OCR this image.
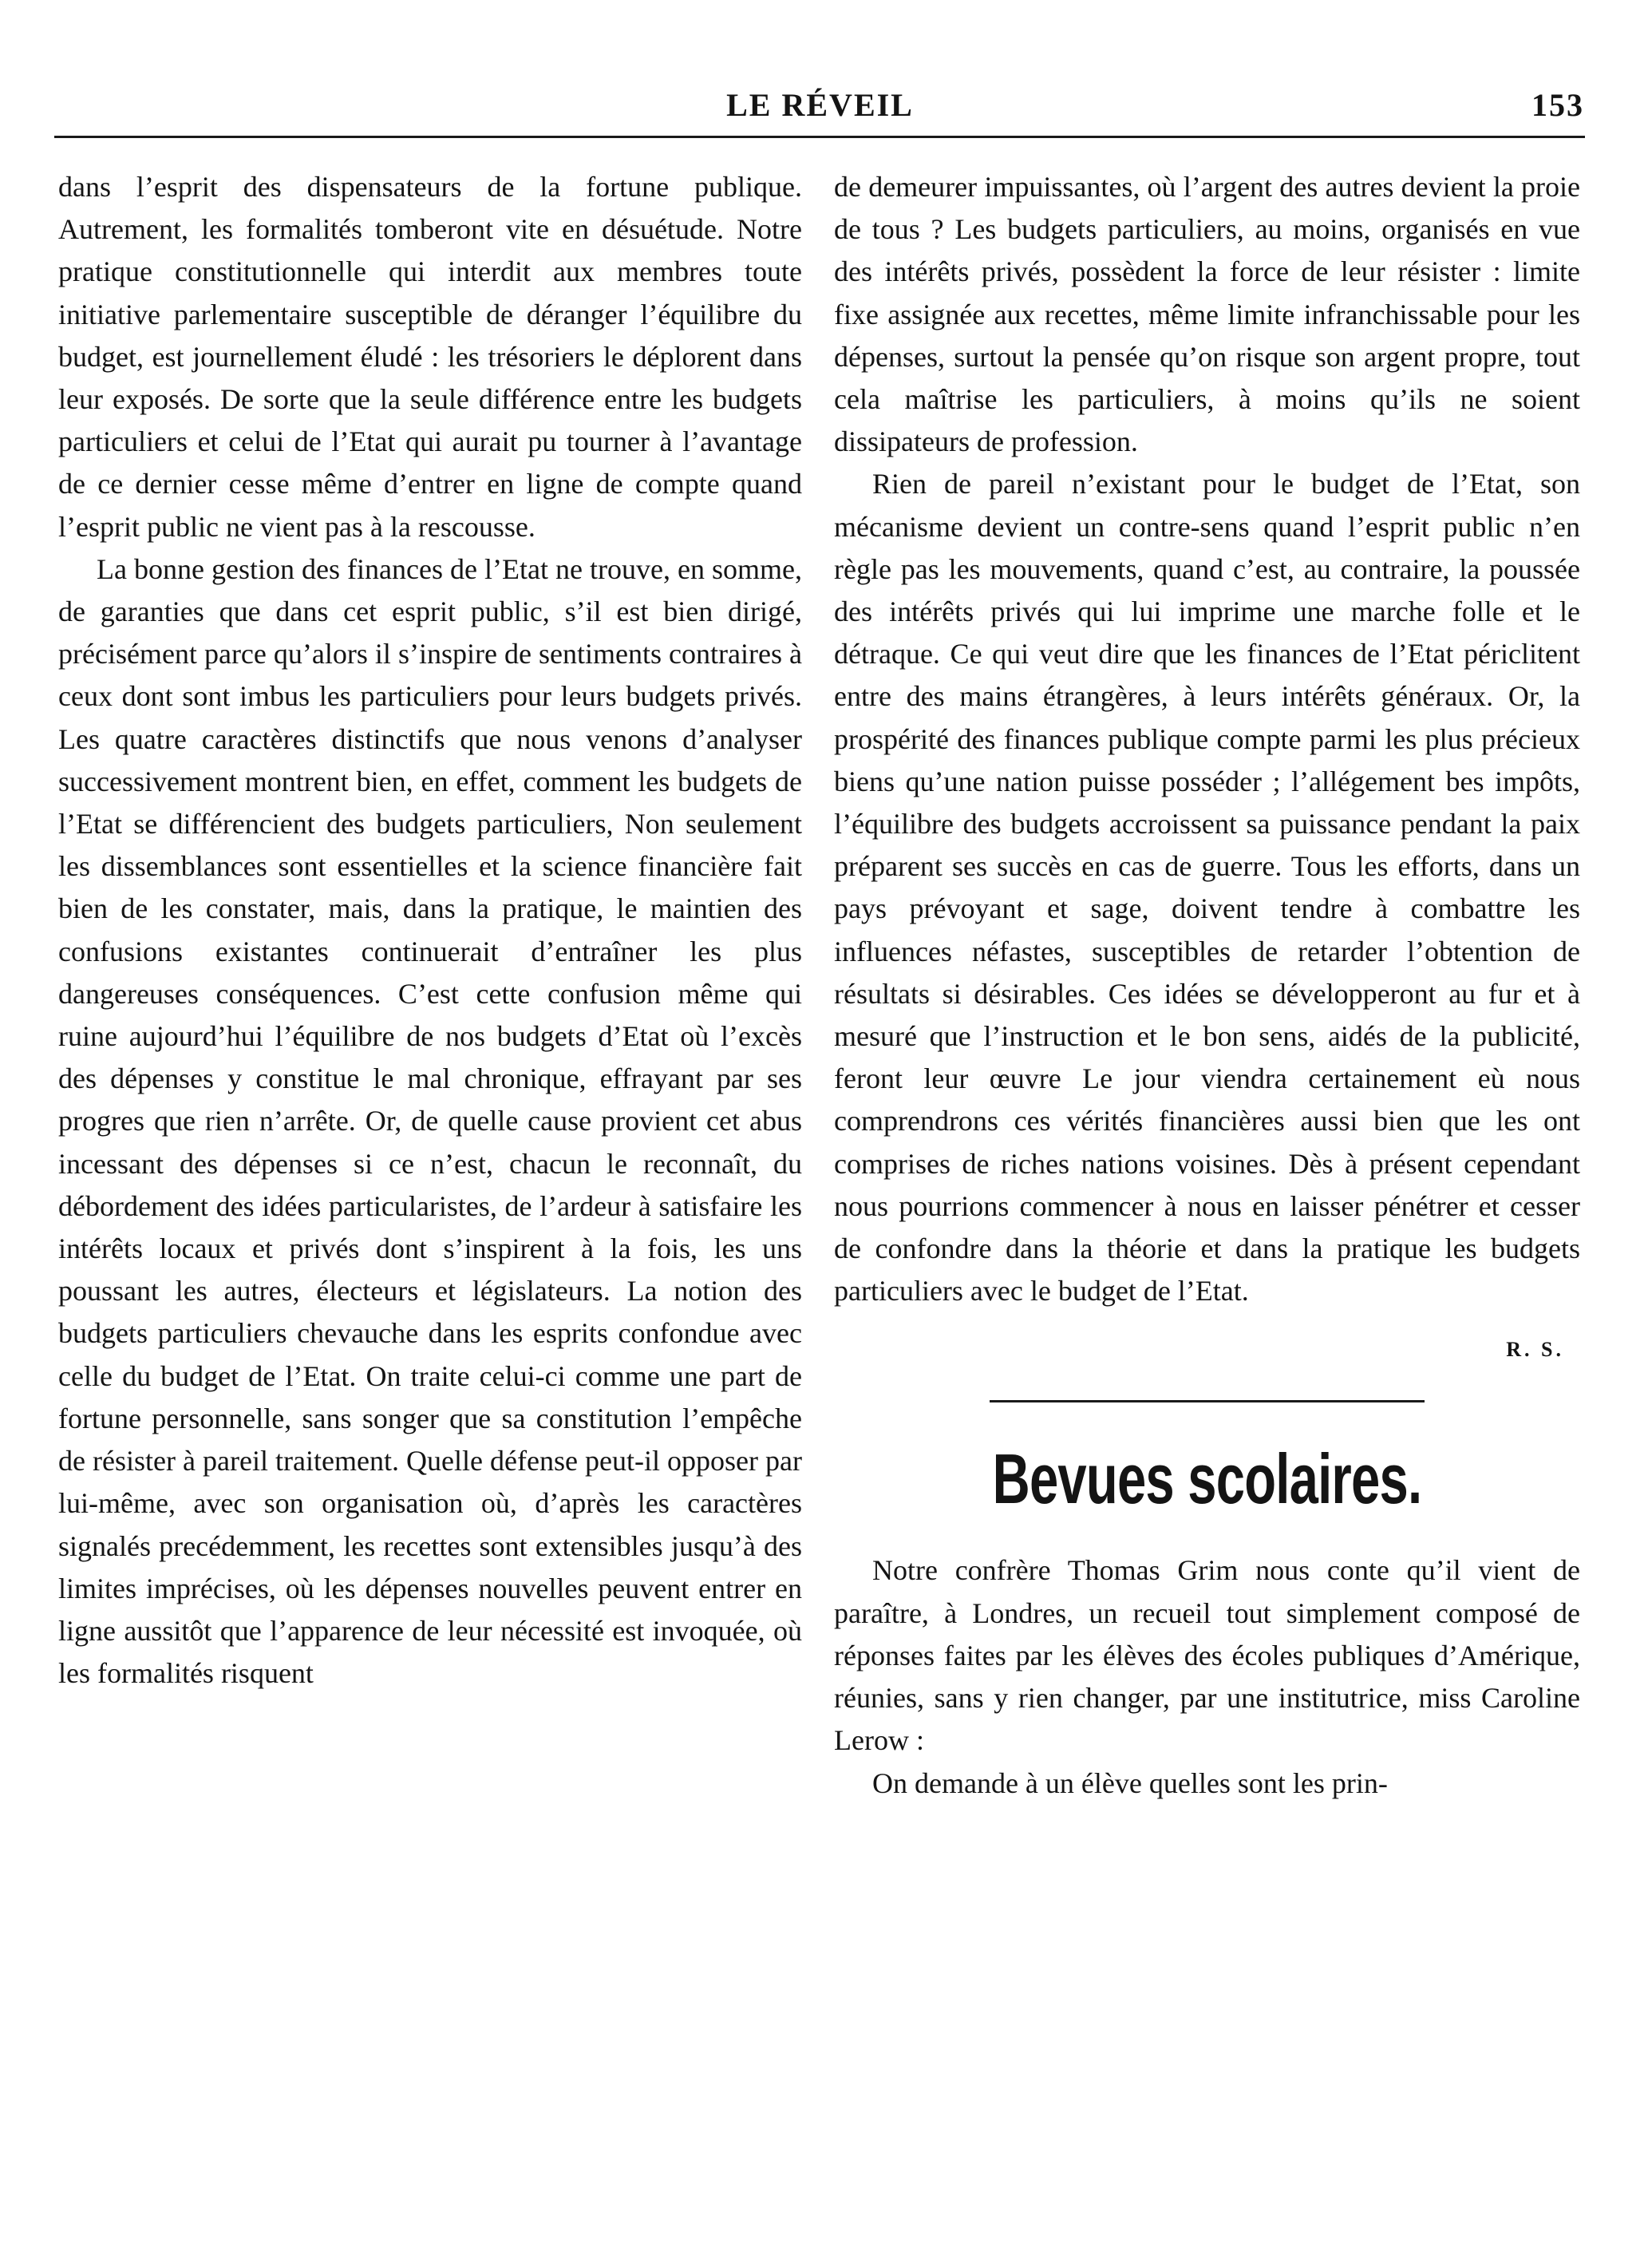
LE RÉVEIL	153

dans l’esprit des dispensateurs de la fortune publique. Autrement, les formalités tomberont vite en désuétude. Notre pratique constitutionnelle qui interdit aux membres toute initiative parlementaire susceptible de déranger l’équilibre du budget, est journellement éludé : les trésoriers le déplorent dans leur exposés. De sorte que la seule différence entre les budgets particuliers et celui de l’Etat qui aurait pu tourner à l’avantage de ce dernier cesse même d’entrer en ligne de compte quand l’esprit public ne vient pas à la rescousse.

La bonne gestion des finances de l’Etat ne trouve, en somme, de garanties que dans cet esprit public, s’il est bien dirigé, précisément parce qu’alors il s’inspire de sentiments contraires à ceux dont sont imbus les particuliers pour leurs budgets privés. Les quatre caractères distinctifs que nous venons d’analyser successivement montrent bien, en effet, comment les budgets de l’Etat se différencient des budgets particuliers, Non seulement les dissemblances sont essentielles et la science financière fait bien de les constater, mais, dans la pratique, le maintien des confusions existantes continuerait d’entraîner les plus dangereuses conséquences. C’est cette confusion même qui ruine aujourd’hui l’équilibre de nos budgets d’Etat où l’excès des dépenses y constitue le mal chronique, effrayant par ses progres que rien n’arrête. Or, de quelle cause provient cet abus incessant des dépenses si ce n’est, chacun le reconnaît, du débordement des idées particularistes, de l’ardeur à satisfaire les intérêts locaux et privés dont s’inspirent à la fois, les uns poussant les autres, électeurs et législateurs. La notion des budgets particuliers chevauche dans les esprits confondue avec celle du budget de l’Etat. On traite celui-ci comme une part de fortune personnelle, sans songer que sa constitution l’empêche de résister à pareil traitement. Quelle défense peut-il opposer par lui-même, avec son organisation où, d’après les caractères signalés precédemment, les recettes sont extensibles jusqu’à des limites imprécises, où les dépenses nouvelles peuvent entrer en ligne aussitôt que l’apparence de leur nécessité est invoquée, où les formalités risquent

de demeurer impuissantes, où l’argent des autres devient la proie de tous ? Les budgets particuliers, au moins, organisés en vue des intérêts privés, possèdent la force de leur résister : limite fixe assignée aux recettes, même limite infranchissable pour les dépenses, surtout la pensée qu’on risque son argent propre, tout cela maîtrise les particuliers, à moins qu’ils ne soient dissipateurs de profession.

Rien de pareil n’existant pour le budget de l’Etat, son mécanisme devient un contre-sens quand l’esprit public n’en règle pas les mouvements, quand c’est, au contraire, la poussée des intérêts privés qui lui imprime une marche folle et le détraque. Ce qui veut dire que les finances de l’Etat périclitent entre des mains étrangères, à leurs intérêts généraux. Or, la prospérité des finances publique compte parmi les plus précieux biens qu’une nation puisse posséder ; l’allégement bes impôts, l’équilibre des budgets accroissent sa puissance pendant la paix préparent ses succès en cas de guerre. Tous les efforts, dans un pays prévoyant et sage, doivent tendre à combattre les influences néfastes, susceptibles de retarder l’obtention de résultats si désirables. Ces idées se développeront au fur et à mesuré que l’instruction et le bon sens, aidés de la publicité, feront leur œuvre Le jour viendra certainement eù nous comprendrons ces vérités financières aussi bien que les ont comprises de riches nations voisines. Dès à présent cependant nous pourrions commencer à nous en laisser pénétrer et cesser de confondre dans la théorie et dans la pratique les budgets particuliers avec le budget de l’Etat.

R. S.
Bevues scolaires.

Notre confrère Thomas Grim nous conte qu’il vient de paraître, à Londres, un recueil tout simplement composé de réponses faites par les élèves des écoles publiques d’Amérique, réunies, sans y rien changer, par une institutrice, miss Caroline Lerow :

On demande à un élève quelles sont les prin-
